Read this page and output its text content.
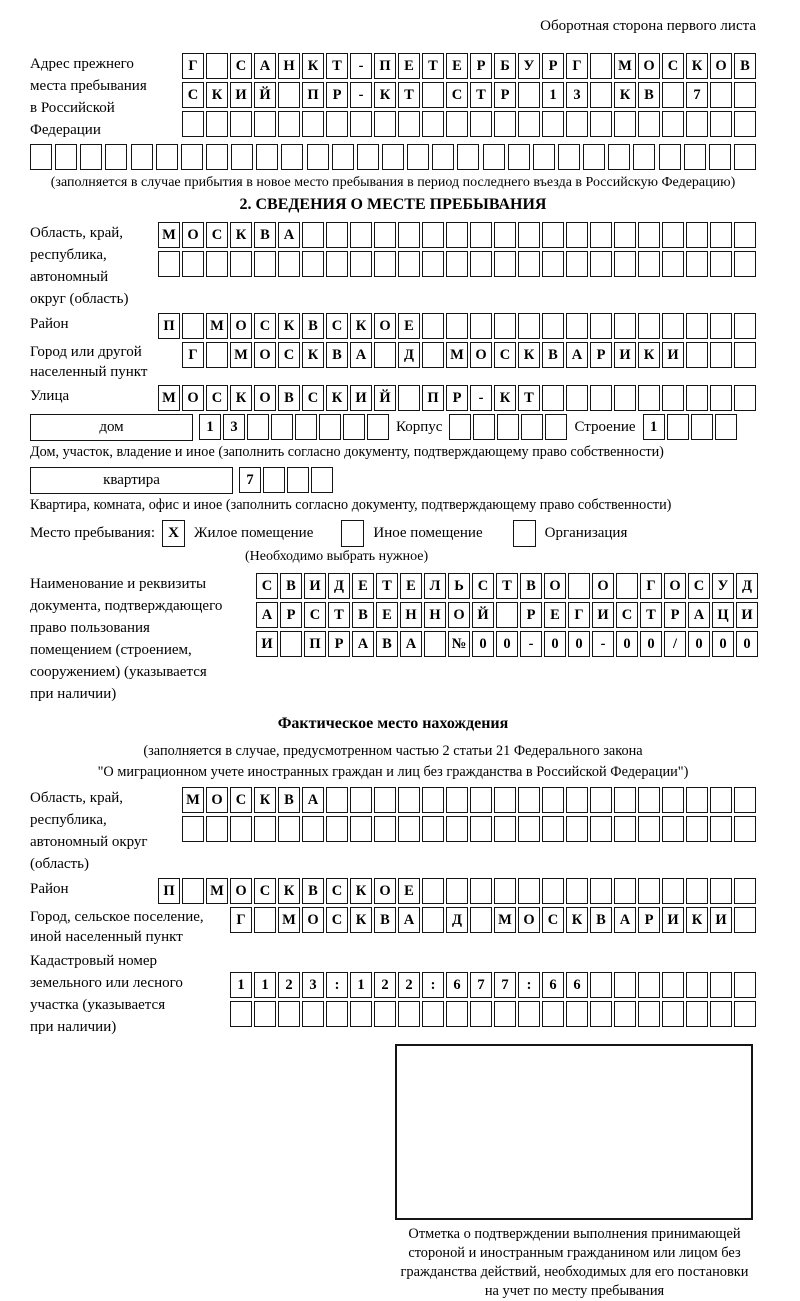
Оборотная сторона первого листа
Адрес прежнего
места пребывания
в Российской
Федерации
Г	С А Н К Т	-	П Е Т Е	Р	Б У Р	Г	М О С К О В
С К И Й	П Р	-	К Т	С Т	Р	1	3	К В	7
(заполняется в случае прибытия в новое место пребывания в период последнего въезда в Российскую Федерацию)
2. СВЕДЕНИЯ О МЕСТЕ ПРЕБЫВАНИЯ
Область, край,
республика,
автономный
округ (область)
М О С К В А
Район	П	М О С К В С К О Е
Город или другой
населенный пункт
Г	М О С К В А	Д	М О С К В А Р И К И
Улица	М О С К О В С К И Й	П Р	-	К Т
дом	1	3	Корпус	Строение 1
Дом, участок, владение и иное (заполнить согласно документу, подтверждающему право собственности)
квартира	7
Квартира, комната, офис и иное (заполнить согласно документу, подтверждающему право собственности)
Место пребывания: X	Жилое помещение	Иное помещение	Организация
(Необходимо выбрать нужное)
Наименование и реквизиты
документа, подтверждающего
право пользования
помещением (строением,
сооружением) (указывается
при наличии)
С В И Д Е Т Е Л Ь С Т В О	О	Г О С У Д
А Р С Т В Е Н Н О Й	Р	Е	Г И С Т	Р А Ц И
И	П Р А В А	№ 0	0	-	0	0	-	0	0	/	0	0	0
Фактическое место нахождения
(заполняется в случае, предусмотренном частью 2 статьи 21 Федерального закона
"О миграционном учете иностранных граждан и лиц без гражданства в Российской Федерации")
Область, край,
республика,
автономный округ
(область)
М О С К В А
Район	П	М О С К В С К О Е
Город, сельское поселение,
иной населенный пункт
Г	М О С К В А	Д	М О С К В А Р И К И
Кадастровый номер
земельного или лесного
участка (указывается
при наличии)
1	1	2	3	:	1	2	2	:	6	7	7	:	6	6
Отметка о подтверждении выполнения принимающей
стороной и иностранным гражданином или лицом без
гражданства действий, необходимых для его постановки
на учет по месту пребывания
